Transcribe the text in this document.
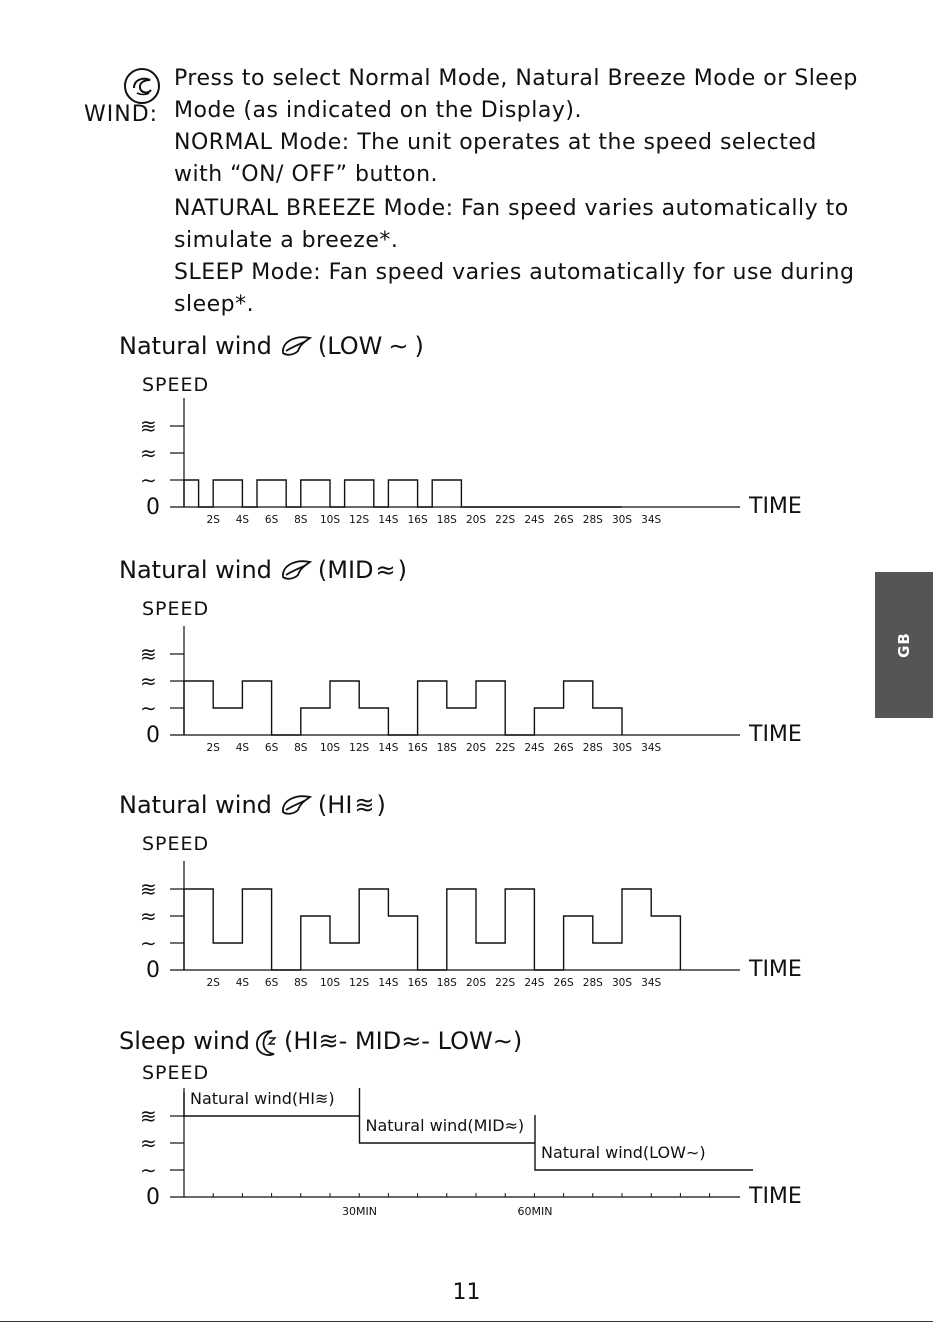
WIND:
Press to select Normal Mode, Natural Breeze Mode or Sleep
Mode (as indicated on the Display).
NORMAL Mode: The unit operates at the speed selected
with “ON/ OFF” button.
NATURAL BREEZE Mode: Fan speed varies automatically to
simulate a breeze*.
SLEEP Mode: Fan speed varies automatically for use during
sleep*.
Natural wind (LOW ∼ )
Natural wind (MID ≈ )
Natural wind (HI ≋ )
Sleep wind (HI≋- MID≈- LOW∼)
SPEED
0
∼
≈
≋
TIME
2S 4S 6S 8S 10S 12S 14S 16S 18S 20S 22S 24S 26S 28S 30S 34S
SPEED
0
∼
≈
≋
TIME
2S 4S 6S 8S 10S 12S 14S 16S 18S 20S 22S 24S 26S 28S 30S 34S
SPEED
0
∼
≈
≋
TIME
2S 4S 6S 8S 10S 12S 14S 16S 18S 20S 22S 24S 26S 28S 30S 34S
SPEED
0
∼
≈
≋
TIME
Natural wind(HI≋)
Natural wind(MID≈)
Natural wind(LOW∼)
30MIN	60MIN
GB
11
